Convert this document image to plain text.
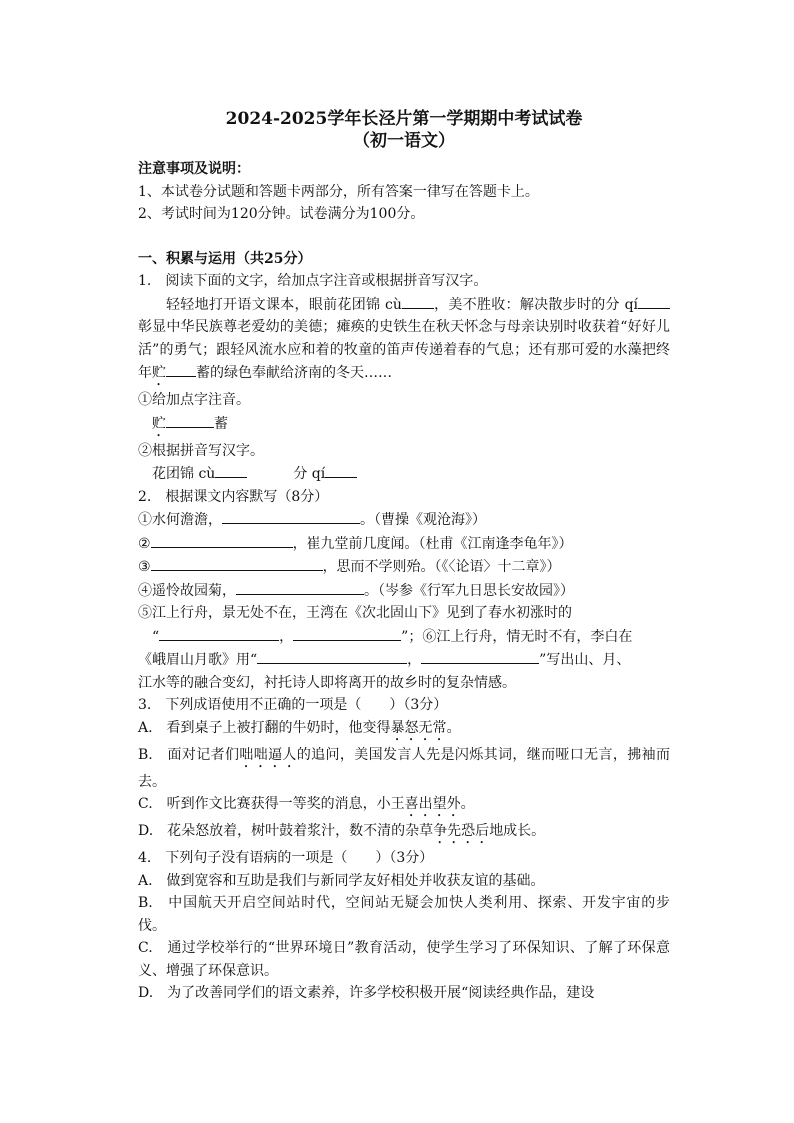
2024-2025学年长泾片第一学期期中考试试卷

（初一语文）

注意事项及说明：

1、本试卷分试题和答题卡两部分，所有答案一律写在答题卡上。

2、考试时间为120分钟。试卷满分为100分。

一、积累与运用（共25分）

1.　阅读下面的文字，给加点字注音或根据拼音写汉字。

轻轻地打开语文课本，眼前花团锦 cù ，美不胜收：解决散步时的分 qí彰显中华民族尊老爱幼的美德；瘫痪的史铁生在秋天怀念与母亲诀别时收获着“好好儿活”的勇气；跟轻风流水应和着的牧童的笛声传递着春的气息；还有那可爱的水藻把终年贮 蓄的绿色奉献给济南的冬天……

①给加点字注音。

贮	蓄

②根据拼音写汉字。

花团锦 cù	分 qí

2.　根据课文内容默写（8分）

①水何澹澹，	。（曹操《观沧海》）

②	，崔九堂前几度闻。（杜甫《江南逢李龟年》）

③	，思而不学则殆。（《〈论语〉十二章》）

④遥怜故园菊，	。（岑参《行军九日思长安故园》）

⑤江上行舟，景无处不在，王湾在《次北固山下》见到了春水初涨时的

“	，	”；⑥江上行舟，情无时不有，李白在

《峨眉山月歌》用“	，	”写出山、月、

江水等的融合变幻，衬托诗人即将离开的故乡时的复杂情感。

3.　下列成语使用不正确的一项是（　　）（3分）

A.　看到桌子上被打翻的牛奶时，他变得暴怒无常。

B.　面对记者们咄咄逼人的追问，美国发言人先是闪烁其词，继而哑口无言，拂袖而去。

C.　听到作文比赛获得一等奖的消息，小王喜出望外。

D.　花朵怒放着，树叶鼓着浆汁，数不清的杂草争先恐后地成长。

4.　下列句子没有语病的一项是（　　）（3分）

A.　做到宽容和互助是我们与新同学友好相处并收获友谊的基础。

B.　中国航天开启空间站时代，空间站无疑会加快人类利用、探索、开发宇宙的步伐。

C.　通过学校举行的“世界环境日”教育活动，使学生学习了环保知识、了解了环保意义、增强了环保意识。

D.　为了改善同学们的语文素养，许多学校积极开展“阅读经典作品，建设
